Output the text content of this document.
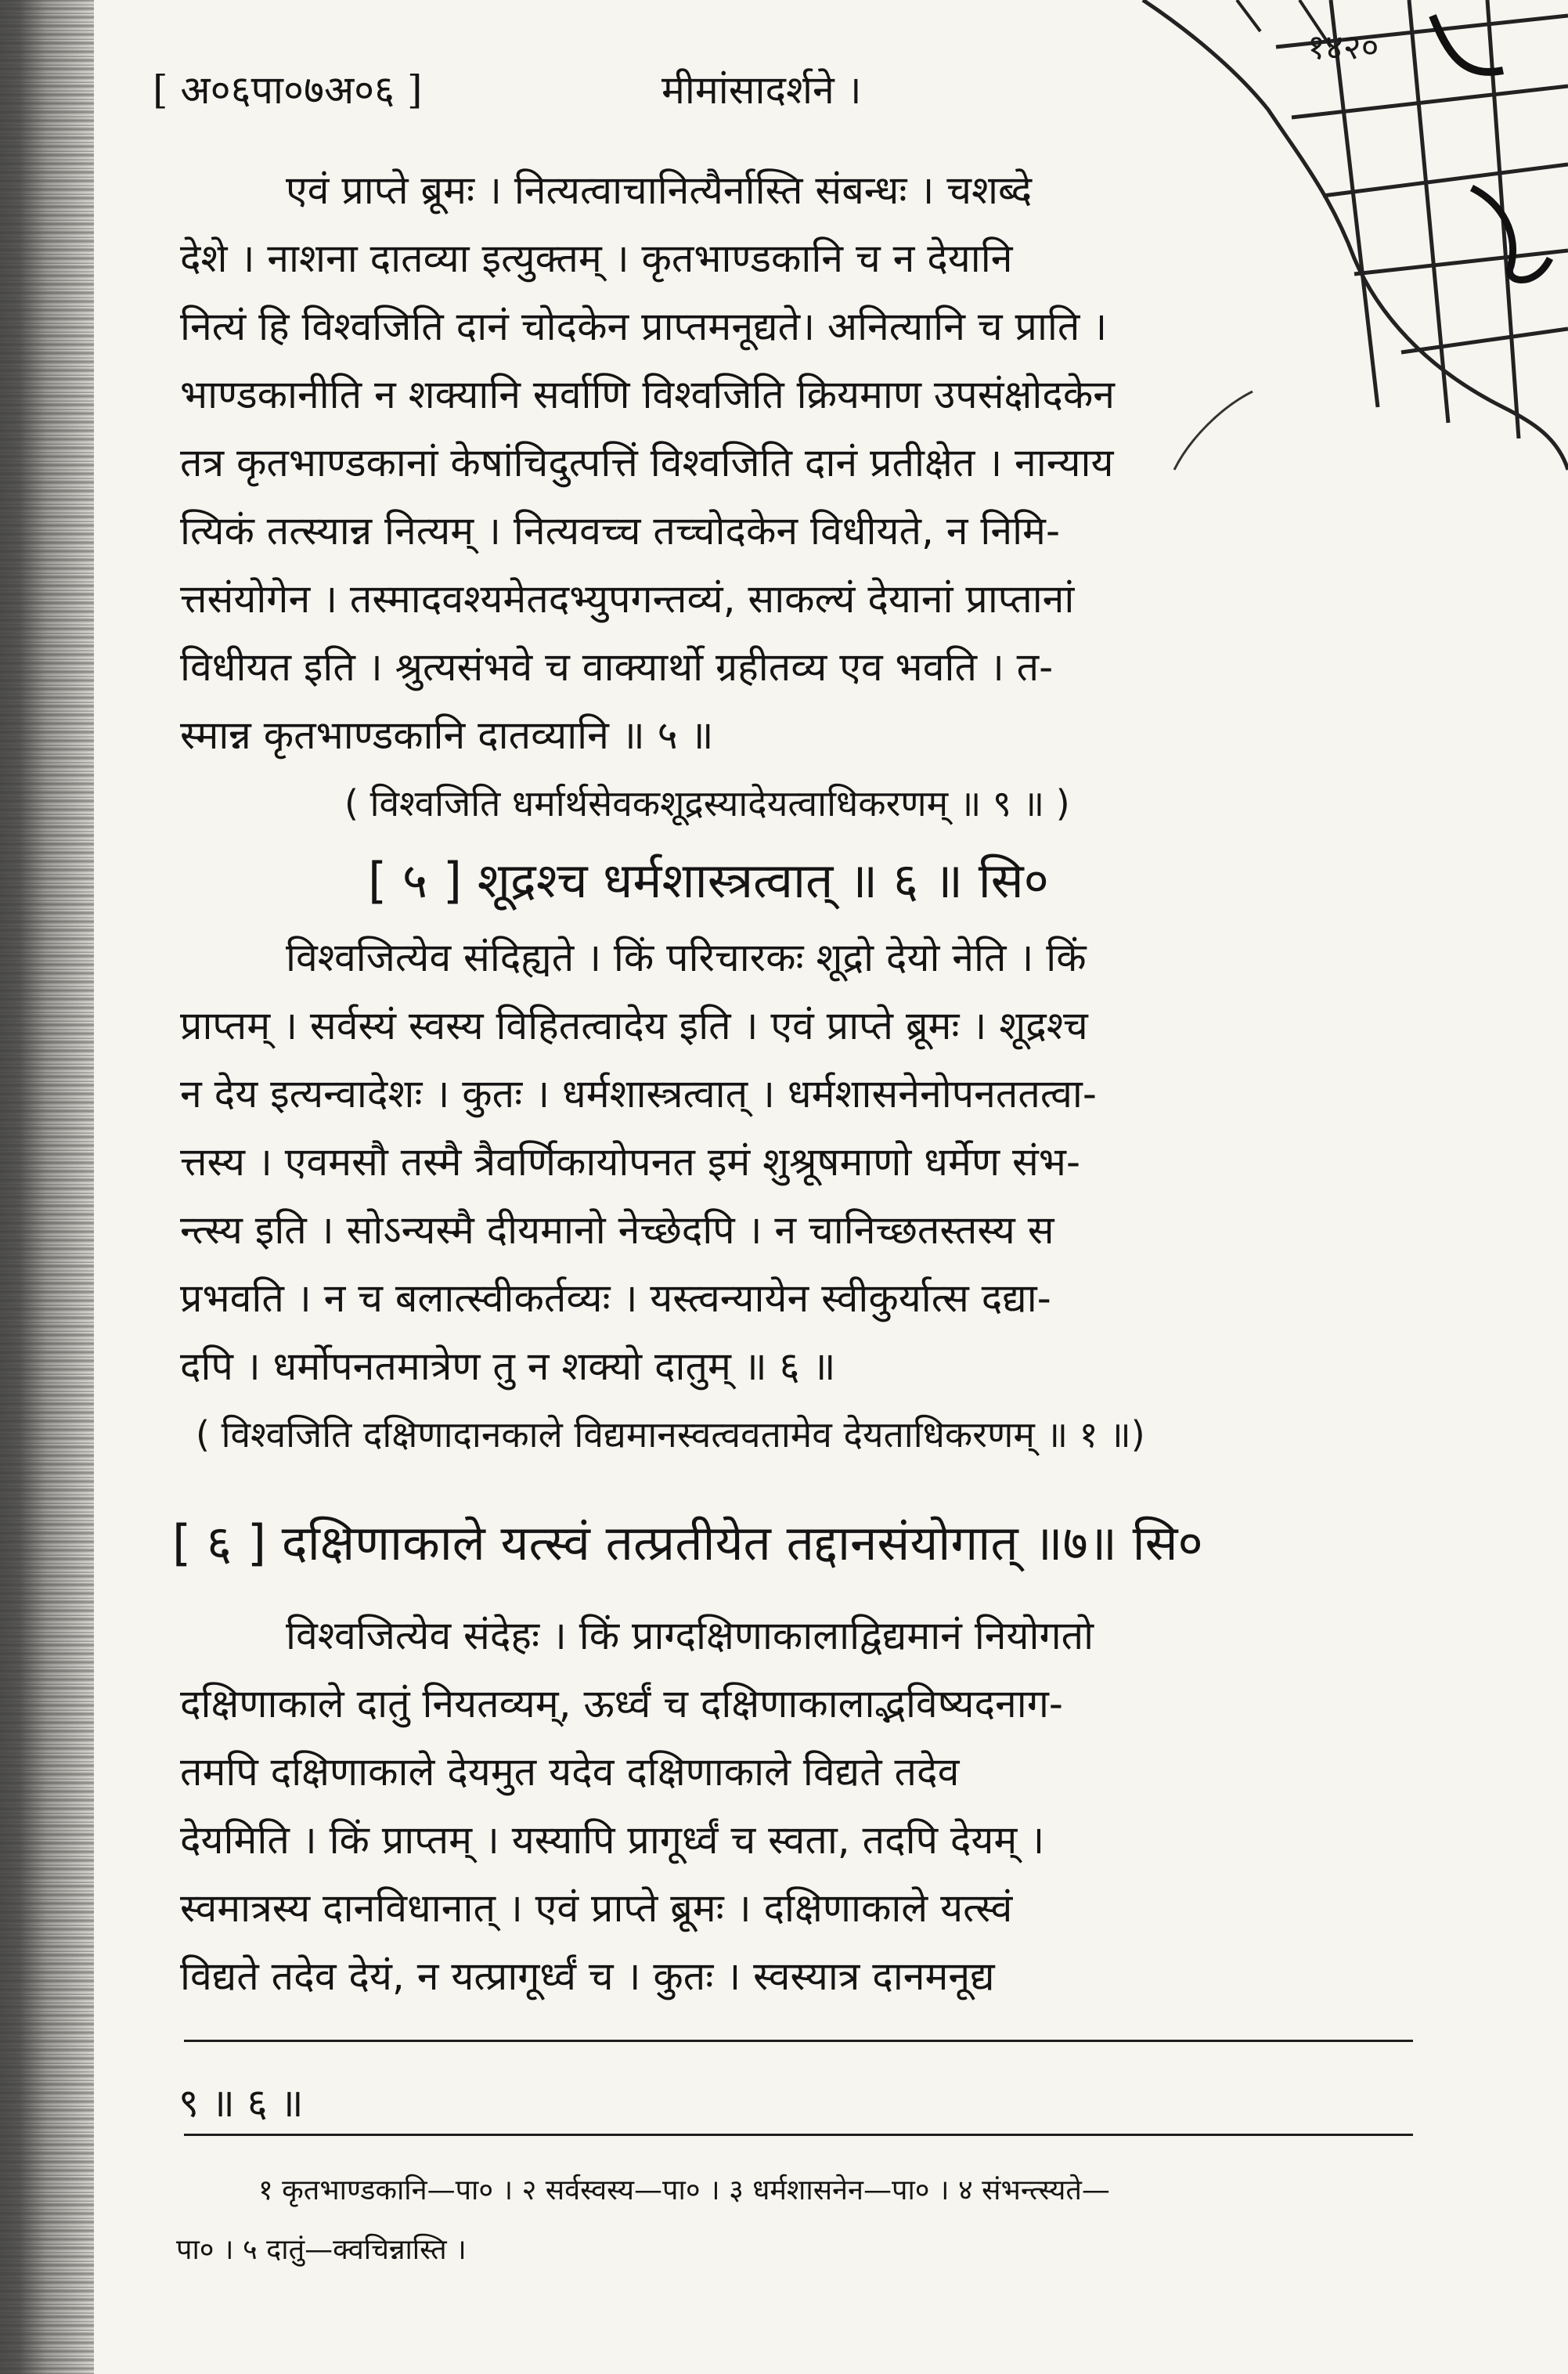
[ अ०६पा०७अ०६ ]	मीमांसादर्शने ।
१४२०
एवं प्राप्ते ब्रूमः । नित्यत्वाचानित्यैर्नास्ति संबन्धः । चशब्दे
देशे । नाशना दातव्या इत्युक्तम् । कृतभाण्डकानि च न देयानि
नित्यं हि विश्वजिति दानं चोदकेन प्राप्तमनूद्यते। अनित्यानि च प्राति ।
भाण्डकानीति न शक्यानि सर्वाणि विश्वजिति क्रियमाण उपसंक्षोदकेन
तत्र कृतभाण्डकानां केषांचिदुत्पत्तिं विश्वजिति दानं प्रतीक्षेत । नान्याय
त्यिकं तत्स्यान्न नित्यम् । नित्यवच्च तच्चोदकेन विधीयते, न निमि-
त्तसंयोगेन । तस्मादवश्यमेतदभ्युपगन्तव्यं, साकल्यं देयानां प्राप्तानां
विधीयत इति । श्रुत्यसंभवे च वाक्यार्थो ग्रहीतव्य एव भवति । त-
स्मान्न कृतभाण्डकानि दातव्यानि ॥ ५ ॥
( विश्वजिति धर्मार्थसेवकशूद्रस्यादेयत्वाधिकरणम् ॥ ९ ॥ )
[ ५ ] शूद्रश्च धर्मशास्त्रत्वात् ॥ ६ ॥ सि०
विश्वजित्येव संदिह्यते । किं परिचारकः शूद्रो देयो नेति । किं
प्राप्तम् । सर्वस्यं स्वस्य विहितत्वादेय इति । एवं प्राप्ते ब्रूमः । शूद्रश्च
न देय इत्यन्वादेशः । कुतः । धर्मशास्त्रत्वात् । धर्मशासनेनोपनततत्वा-
त्तस्य । एवमसौ तस्मै त्रैवर्णिकायोपनत इमं शुश्रूषमाणो धर्मेण संभ-
न्त्स्य इति । सोऽन्यस्मै दीयमानो नेच्छेदपि । न चानिच्छतस्तस्य स
प्रभवति । न च बलात्स्वीकर्तव्यः । यस्त्वन्यायेन स्वीकुर्यात्स दद्या-
दपि । धर्मोपनतमात्रेण तु न शक्यो दातुम् ॥ ६ ॥
( विश्वजिति दक्षिणादानकाले विद्यमानस्वत्ववतामेव देयताधिकरणम् ॥ १ ॥)
[ ६ ] दक्षिणाकाले यत्स्वं तत्प्रतीयेत तद्दानसंयोगात् ॥७॥ सि०
विश्वजित्येव संदेहः । किं प्राग्दक्षिणाकालाद्विद्यमानं नियोगतो
दक्षिणाकाले दातुं नियतव्यम्, ऊर्ध्वं च दक्षिणाकालाद्भविष्यदनाग-
तमपि दक्षिणाकाले देयमुत यदेव दक्षिणाकाले विद्यते तदेव
देयमिति । किं प्राप्तम् । यस्यापि प्रागूर्ध्वं च स्वता, तदपि देयम् ।
स्वमात्रस्य दानविधानात् । एवं प्राप्ते ब्रूमः । दक्षिणाकाले यत्स्वं
विद्यते तदेव देयं, न यत्प्रागूर्ध्वं च । कुतः । स्वस्यात्र दानमनूद्य
९ ॥ ६ ॥
१ कृतभाण्डकानि—पा० । २ सर्वस्वस्य—पा० । ३ धर्मशासनेन—पा० । ४ संभन्त्स्यते—
पा० । ५ दातुं—क्वचिन्नास्ति ।
